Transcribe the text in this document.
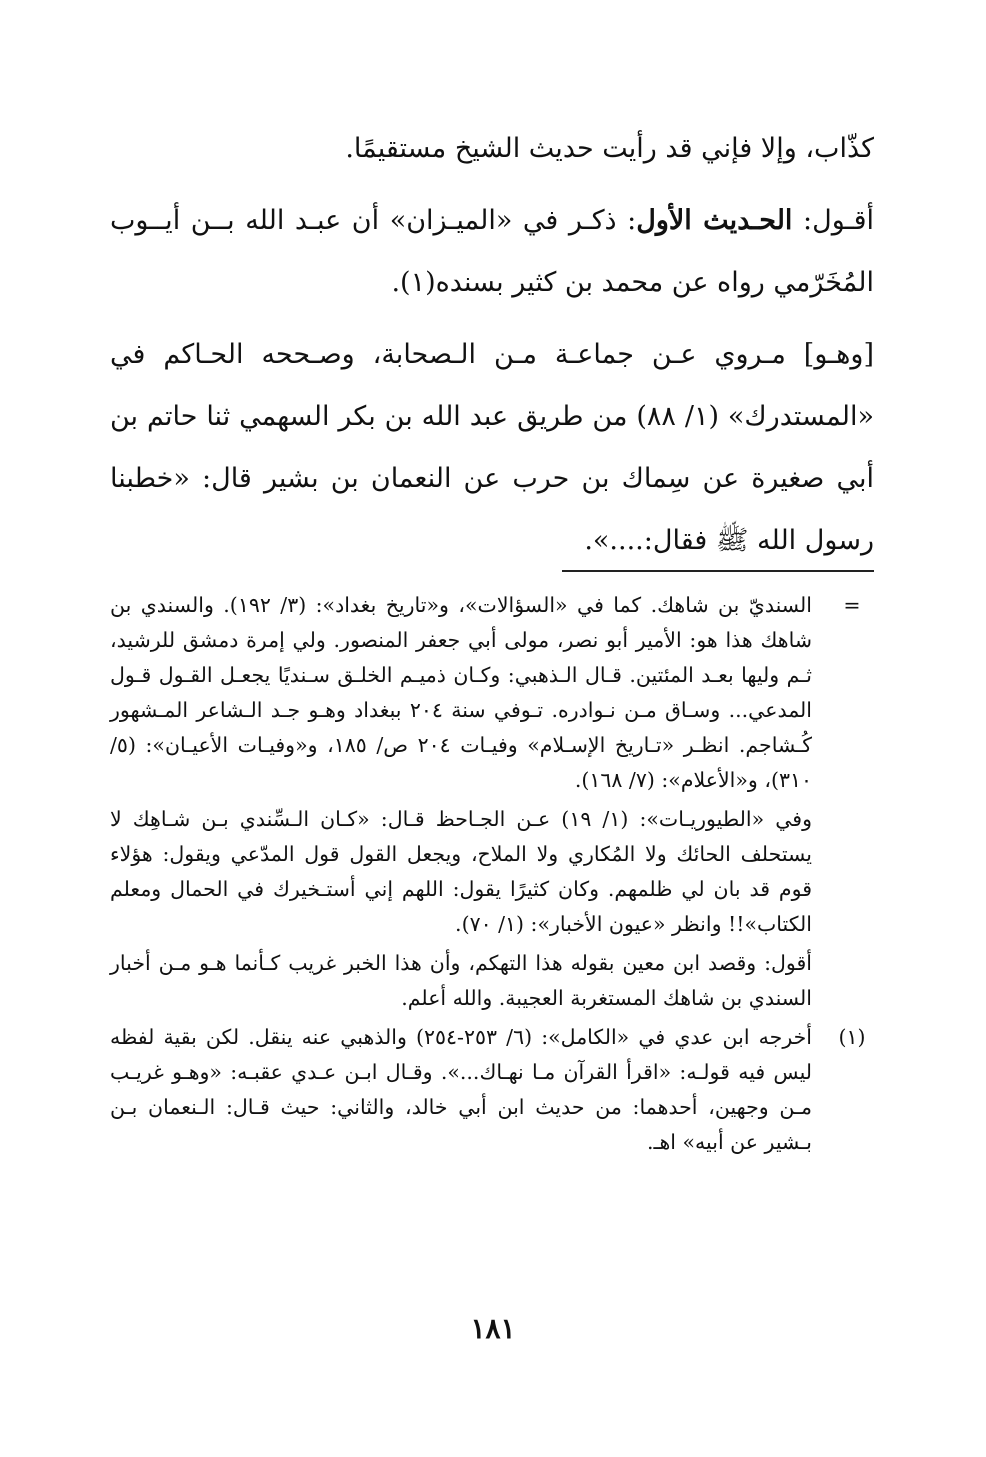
كذّاب، وإلا فإني قد رأيت حديث الشيخ مستقيمًا.

أقـول: الحـديث الأول: ذكـر في «الميـزان» أن عبـد الله بــن أيــوب المُخَرّمي رواه عن محمد بن كثير بسنده(١).

[وهـو] مـروي عـن جماعـة مـن الـصحابة، وصـححه الحـاكم في «المستدرك» (١/ ٨٨) من طريق عبد الله بن بكر السهمي ثنا حاتم بن أبي صغيرة عن سِماك بن حرب عن النعمان بن بشير قال: «خطبنا رسول الله ﷺ فقال:....».

=

السنديّ بن شاهك. كما في «السؤالات»، و«تاريخ بغداد»: (٣/ ١٩٢). والسندي بن شاهك هذا هو: الأمير أبو نصر، مولى أبي جعفر المنصور. ولي إمرة دمشق للرشيد، ثـم وليها بعـد المئتين. قـال الـذهبي: وكـان ذميـم الخلـق سـنديًا يجعـل القـول قـول المدعي... وسـاق مـن نـوادره. تـوفي سنة ٢٠٤ ببغداد وهـو جـد الـشاعر المـشهور كُـشاجم. انظـر «تـاريخ الإسـلام» وفيـات ٢٠٤ ص/ ١٨٥، و«وفيـات الأعيـان»: (٥/ ٣١٠)، و«الأعلام»: (٧/ ١٦٨).

وفي «الطيوريـات»: (١/ ١٩) عـن الجـاحظ قـال: «كـان الـسِّندي بـن شـاهِك لا يستحلف الحائك ولا المُكاري ولا الملاح، ويجعل القول قول المدّعي ويقول: هؤلاء قوم قد بان لي ظلمهم. وكان كثيرًا يقول: اللهم إني أستـخيرك في الحمال ومعلم الكتاب»!! وانظر «عيون الأخبار»: (١/ ٧٠).

أقول: وقصد ابن معين بقوله هذا التهكم، وأن هذا الخبر غريب كـأنما هـو مـن أخبار السندي بن شاهك المستغربة العجيبة. والله أعلم.

(١)

أخرجه ابن عدي في «الكامل»: (٦/ ٢٥٣-٢٥٤) والذهبي عنه ينقل. لكن بقية لفظه ليس فيه قولـه: «اقرأ القرآن مـا نهـاك...». وقـال ابـن عـدي عقبـه: «وهـو غريـب مـن وجهين، أحدهما: من حديث ابن أبي خالد، والثاني: حيث قـال: الـنعمان بـن بـشير عن أبيه» اهـ.

١٨١
